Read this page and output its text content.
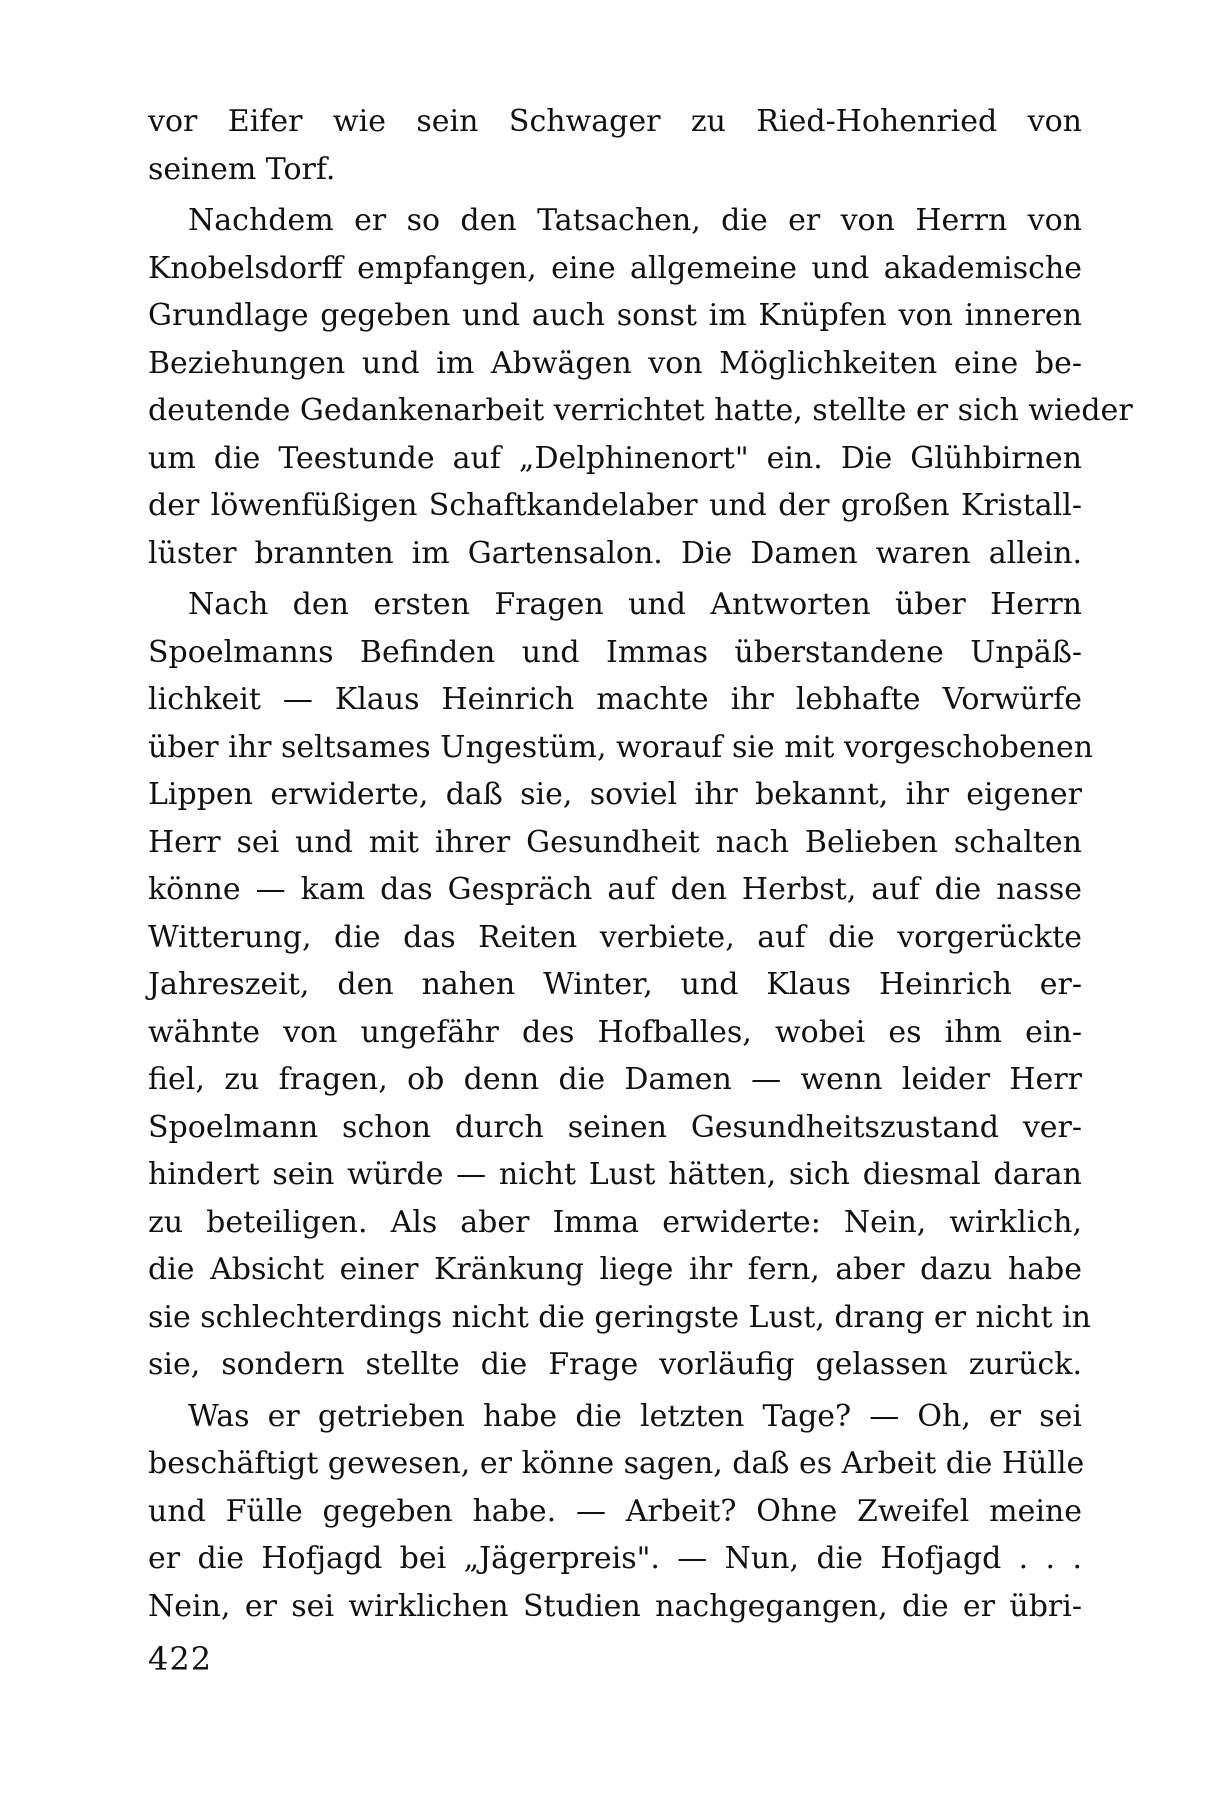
vor Eifer wie sein Schwager zu Ried-Hohenried von
seinem Torf.

Nachdem er so den Tatsachen, die er von Herrn von
Knobelsdorff empfangen, eine allgemeine und akademische
Grundlage gegeben und auch sonst im Knüpfen von inneren
Beziehungen und im Abwägen von Möglichkeiten eine be-
deutende Gedankenarbeit verrichtet hatte, stellte er sich wieder
um die Teestunde auf „Delphinenort" ein. Die Glühbirnen
der löwenfüßigen Schaftkandelaber und der großen Kristall-
lüster brannten im Gartensalon. Die Damen waren allein.

Nach den ersten Fragen und Antworten über Herrn
Spoelmanns Befinden und Immas überstandene Unpäß-
lichkeit — Klaus Heinrich machte ihr lebhafte Vorwürfe
über ihr seltsames Ungestüm, worauf sie mit vorgeschobenen
Lippen erwiderte, daß sie, soviel ihr bekannt, ihr eigener
Herr sei und mit ihrer Gesundheit nach Belieben schalten
könne — kam das Gespräch auf den Herbst, auf die nasse
Witterung, die das Reiten verbiete, auf die vorgerückte
Jahreszeit, den nahen Winter, und Klaus Heinrich er-
wähnte von ungefähr des Hofballes, wobei es ihm ein-
fiel, zu fragen, ob denn die Damen — wenn leider Herr
Spoelmann schon durch seinen Gesundheitszustand ver-
hindert sein würde — nicht Lust hätten, sich diesmal daran
zu beteiligen. Als aber Imma erwiderte: Nein, wirklich,
die Absicht einer Kränkung liege ihr fern, aber dazu habe
sie schlechterdings nicht die geringste Lust, drang er nicht in
sie, sondern stellte die Frage vorläufig gelassen zurück.

Was er getrieben habe die letzten Tage? — Oh, er sei
beschäftigt gewesen, er könne sagen, daß es Arbeit die Hülle
und Fülle gegeben habe. — Arbeit? Ohne Zweifel meine
er die Hofjagd bei „Jägerpreis". — Nun, die Hofjagd . . .
Nein, er sei wirklichen Studien nachgegangen, die er übri-

422
